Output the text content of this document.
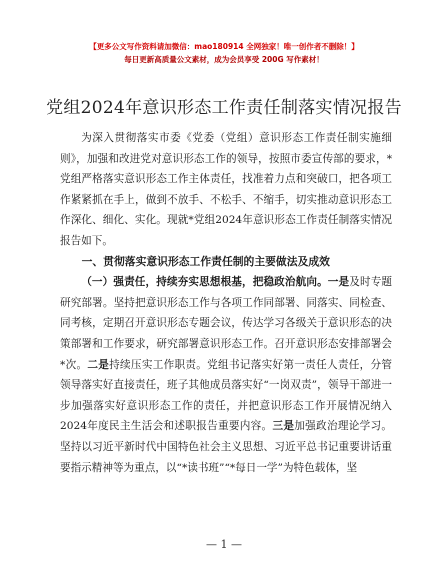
【更多公文写作资料请加微信：mao180914 全网独家！唯一创作者不删除！】
每日更新高质量公文素材，成为会员享受 200G 写作素材！
党组2024年意识形态工作责任制落实情况报告

为深入贯彻落实市委《党委（党组）意识形态工作责任制实施细则》，加强和改进党对意识形态工作的领导，按照市委宣传部的要求，*党组严格落实意识形态工作主体责任，找准着力点和突破口，把各项工作紧紧抓在手上，做到不放手、不松手、不缩手，切实推动意识形态工作深化、细化、实化。现就*党组2024年意识形态工作责任制落实情况报告如下。

一、贯彻落实意识形态工作责任制的主要做法及成效

（一）强责任，持续夯实思想根基，把稳政治航向。一是及时专题研究部署。坚持把意识形态工作与各项工作同部署、同落实、同检查、同考核，定期召开意识形态专题会议，传达学习各级关于意识形态的决策部署和工作要求，研究部署意识形态工作。召开意识形态安排部署会*次。二是持续压实工作职责。党组书记落实好第一责任人责任，分管领导落实好直接责任，班子其他成员落实好“一岗双责”，领导干部进一步加强落实好意识形态工作的责任，并把意识形态工作开展情况纳入2024年度民主生活会和述职报告重要内容。三是加强政治理论学习。坚持以习近平新时代中国特色社会主义思想、习近平总书记重要讲话重要指示精神等为重点，以“*读书班”“*每日一学”为特色载体，坚

— 1 —
